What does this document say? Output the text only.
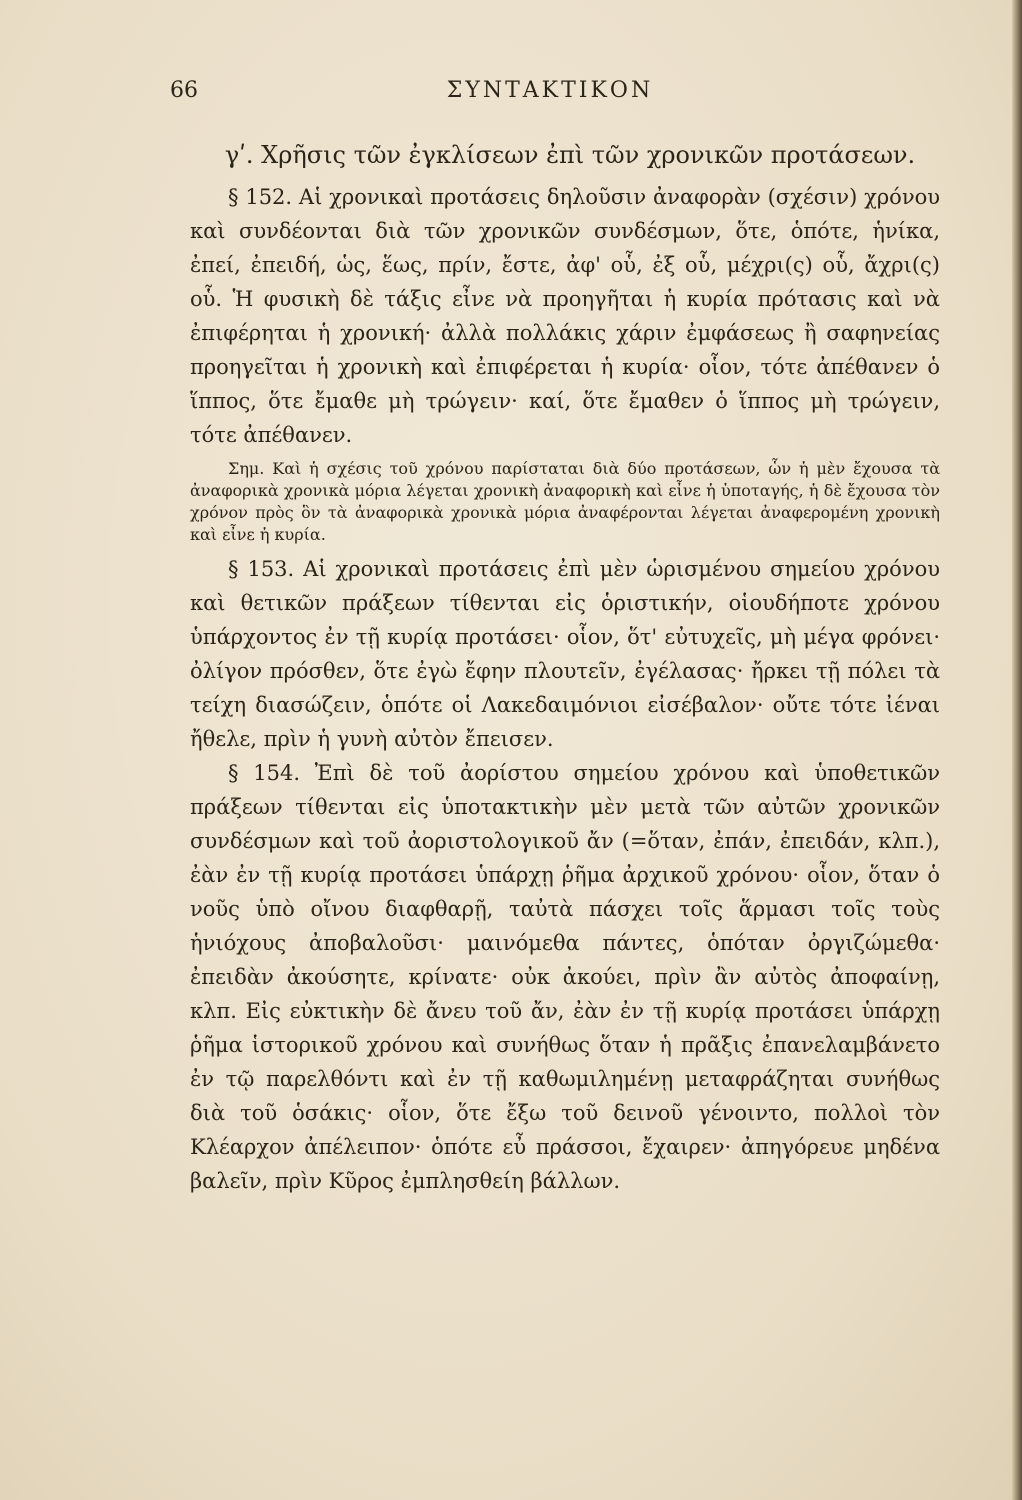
66	ΣΥΝΤΑΚΤΙΚΟΝ
γʹ. Χρῆσις τῶν ἐγκλίσεων ἐπὶ τῶν χρονικῶν προτάσεων.

§ 152. Αἱ χρονικαὶ προτάσεις δηλοῦσιν ἀναφορὰν (σχέσιν) χρόνου καὶ συνδέονται διὰ τῶν χρονικῶν συνδέσμων, ὅτε, ὁπότε, ἡνίκα, ἐπεί, ἐπειδή, ὡς, ἕως, πρίν, ἔστε, ἀφ' οὗ, ἐξ οὗ, μέχρι(ς) οὗ, ἄχρι(ς) οὗ. Ἡ φυσικὴ δὲ τάξις εἶνε νὰ προηγῆται ἡ κυρία πρότασις καὶ νὰ ἐπιφέρηται ἡ χρονική· ἀλλὰ πολλάκις χάριν ἐμφάσεως ἢ σαφηνείας προηγεῖται ἡ χρονικὴ καὶ ἐπιφέρεται ἡ κυρία· οἷον, τότε ἀπέθανεν ὁ ἵππος, ὅτε ἔμαθε μὴ τρώγειν· καί, ὅτε ἔμαθεν ὁ ἵππος μὴ τρώγειν, τότε ἀπέθανεν.

Σημ. Καὶ ἡ σχέσις τοῦ χρόνου παρίσταται διὰ δύο προτάσεων, ὧν ἡ μὲν ἔχουσα τὰ ἀναφορικὰ χρονικὰ μόρια λέγεται χρονικὴ ἀναφορικὴ καὶ εἶνε ἡ ὑποταγής, ἡ δὲ ἔχουσα τὸν χρόνον πρὸς ὃν τὰ ἀναφορικὰ χρονικὰ μόρια ἀναφέρονται λέγεται ἀναφερομένη χρονικὴ καὶ εἶνε ἡ κυρία.

§ 153. Αἱ χρονικαὶ προτάσεις ἐπὶ μὲν ὡρισμένου σημείου χρόνου καὶ θετικῶν πράξεων τίθενται εἰς ὁριστικήν, οἱουδήποτε χρόνου ὑπάρχοντος ἐν τῇ κυρίᾳ προτάσει· οἷον, ὅτ' εὐτυχεῖς, μὴ μέγα φρόνει· ὀλίγον πρόσθεν, ὅτε ἐγὼ ἔφην πλουτεῖν, ἐγέλασας· ἤρκει τῇ πόλει τὰ τείχη διασώζειν, ὁπότε οἱ Λακεδαιμόνιοι εἰσέβαλον· οὔτε τότε ἰέναι ἤθελε, πρὶν ἡ γυνὴ αὐτὸν ἔπεισεν.

§ 154. Ἐπὶ δὲ τοῦ ἀορίστου σημείου χρόνου καὶ ὑποθετικῶν πράξεων τίθενται εἰς ὑποτακτικὴν μὲν μετὰ τῶν αὐτῶν χρονικῶν συνδέσμων καὶ τοῦ ἀοριστολογικοῦ ἄν (=ὅταν, ἐπάν, ἐπειδάν, κλπ.), ἐὰν ἐν τῇ κυρίᾳ προτάσει ὑπάρχῃ ῥῆμα ἀρχικοῦ χρόνου· οἷον, ὅταν ὁ νοῦς ὑπὸ οἴνου διαφθαρῇ, ταὐτὰ πάσχει τοῖς ἅρμασι τοῖς τοὺς ἡνιόχους ἀποβαλοῦσι· μαινόμεθα πάντες, ὁπόταν ὀργιζώμεθα· ἐπειδὰν ἀκούσητε, κρίνατε· οὐκ ἀκούει, πρὶν ἂν αὐτὸς ἀποφαίνῃ, κλπ. Εἰς εὐκτικὴν δὲ ἄνευ τοῦ ἄν, ἐὰν ἐν τῇ κυρίᾳ προτάσει ὑπάρχῃ ῥῆμα ἱστορικοῦ χρόνου καὶ συνήθως ὅταν ἡ πρᾶξις ἐπανελαμβάνετο ἐν τῷ παρελθόντι καὶ ἐν τῇ καθωμιλημένῃ μεταφράζηται συνήθως διὰ τοῦ ὁσάκις· οἷον, ὅτε ἔξω τοῦ δεινοῦ γένοιντο, πολλοὶ τὸν Κλέαρχον ἀπέλειπον· ὁπότε εὖ πράσσοι, ἔχαιρεν· ἀπηγόρευε μηδένα βαλεῖν, πρὶν Κῦρος ἐμπλησθείη βάλλων.
